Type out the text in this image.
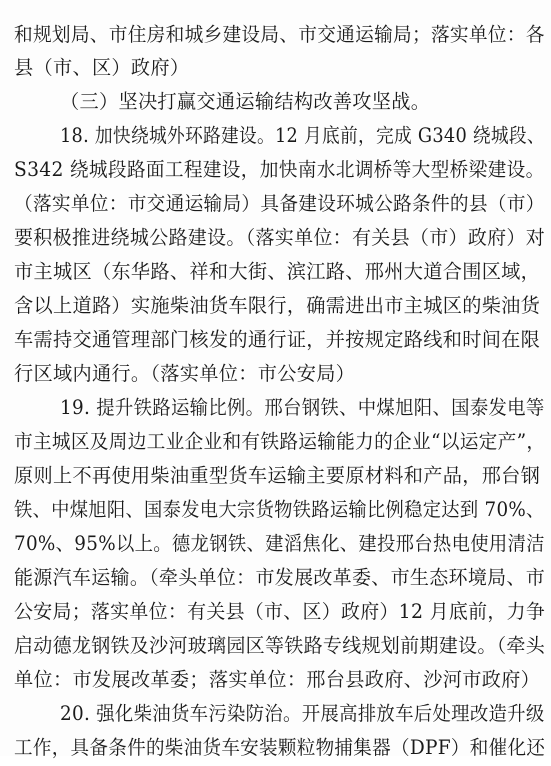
和规划局、市住房和城乡建设局、市交通运输局；落实单位：各
县（市、区）政府）
（三）坚决打赢交通运输结构改善攻坚战。
18. 加快绕城外环路建设。12 月底前，完成 G340 绕城段、
S342 绕城段路面工程建设，加快南水北调桥等大型桥梁建设。
（落实单位：市交通运输局）具备建设环城公路条件的县（市）
要积极推进绕城公路建设。（落实单位：有关县（市）政府）对
市主城区（东华路、祥和大街、滨江路、邢州大道合围区域，
含以上道路）实施柴油货车限行，确需进出市主城区的柴油货
车需持交通管理部门核发的通行证，并按规定路线和时间在限
行区域内通行。（落实单位：市公安局）
19. 提升铁路运输比例。邢台钢铁、中煤旭阳、国泰发电等
市主城区及周边工业企业和有铁路运输能力的企业“以运定产”，
原则上不再使用柴油重型货车运输主要原材料和产品，邢台钢
铁、中煤旭阳、国泰发电大宗货物铁路运输比例稳定达到 70%、
70%、95%以上。德龙钢铁、建滔焦化、建投邢台热电使用清洁
能源汽车运输。（牵头单位：市发展改革委、市生态环境局、市
公安局；落实单位：有关县（市、区）政府）12 月底前，力争
启动德龙钢铁及沙河玻璃园区等铁路专线规划前期建设。（牵头
单位：市发展改革委；落实单位：邢台县政府、沙河市政府）
20. 强化柴油货车污染防治。开展高排放车后处理改造升级
工作，具备条件的柴油货车安装颗粒物捕集器（DPF）和催化还
